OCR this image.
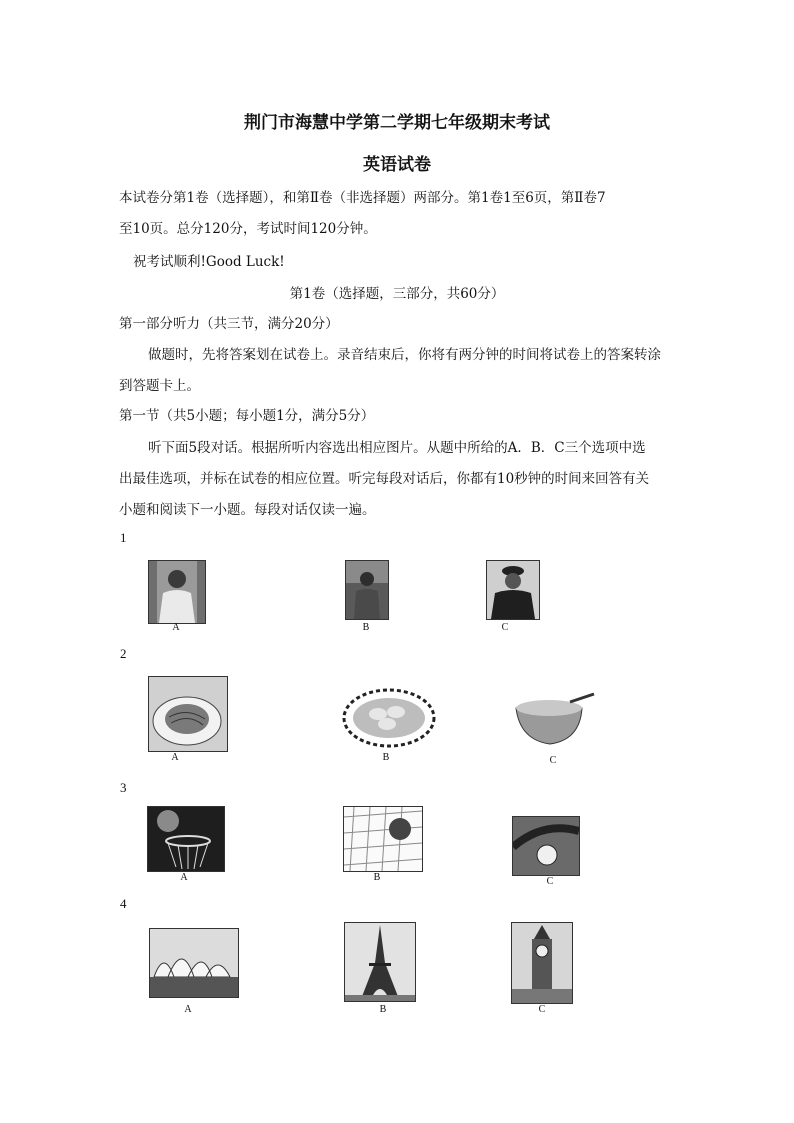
荆门市海慧中学第二学期七年级期末考试
英语试卷
本试卷分第1卷（选择题），和第Ⅱ卷（非选择题）两部分。第1卷1至6页，第Ⅱ卷7
至10页。总分120分，考试时间120分钟。
祝考试顺利!Good Luck!
第1卷（选择题，三部分，共60分）
第一部分听力（共三节，满分20分）
做题时，先将答案划在试卷上。录音结束后，你将有两分钟的时间将试卷上的答案转涂
到答题卡上。
第一节（共5小题；每小题1分，满分5分）
听下面5段对话。根据所听内容选出相应图片。从题中所给的A．B．C三个选项中选
出最佳选项，并标在试卷的相应位置。听完每段对话后，你都有10秒钟的时间来回答有关
小题和阅读下一小题。每段对话仅读一遍。
1
A	B	C
2
A	B	C
3
A	B	C
4
A	B	C
